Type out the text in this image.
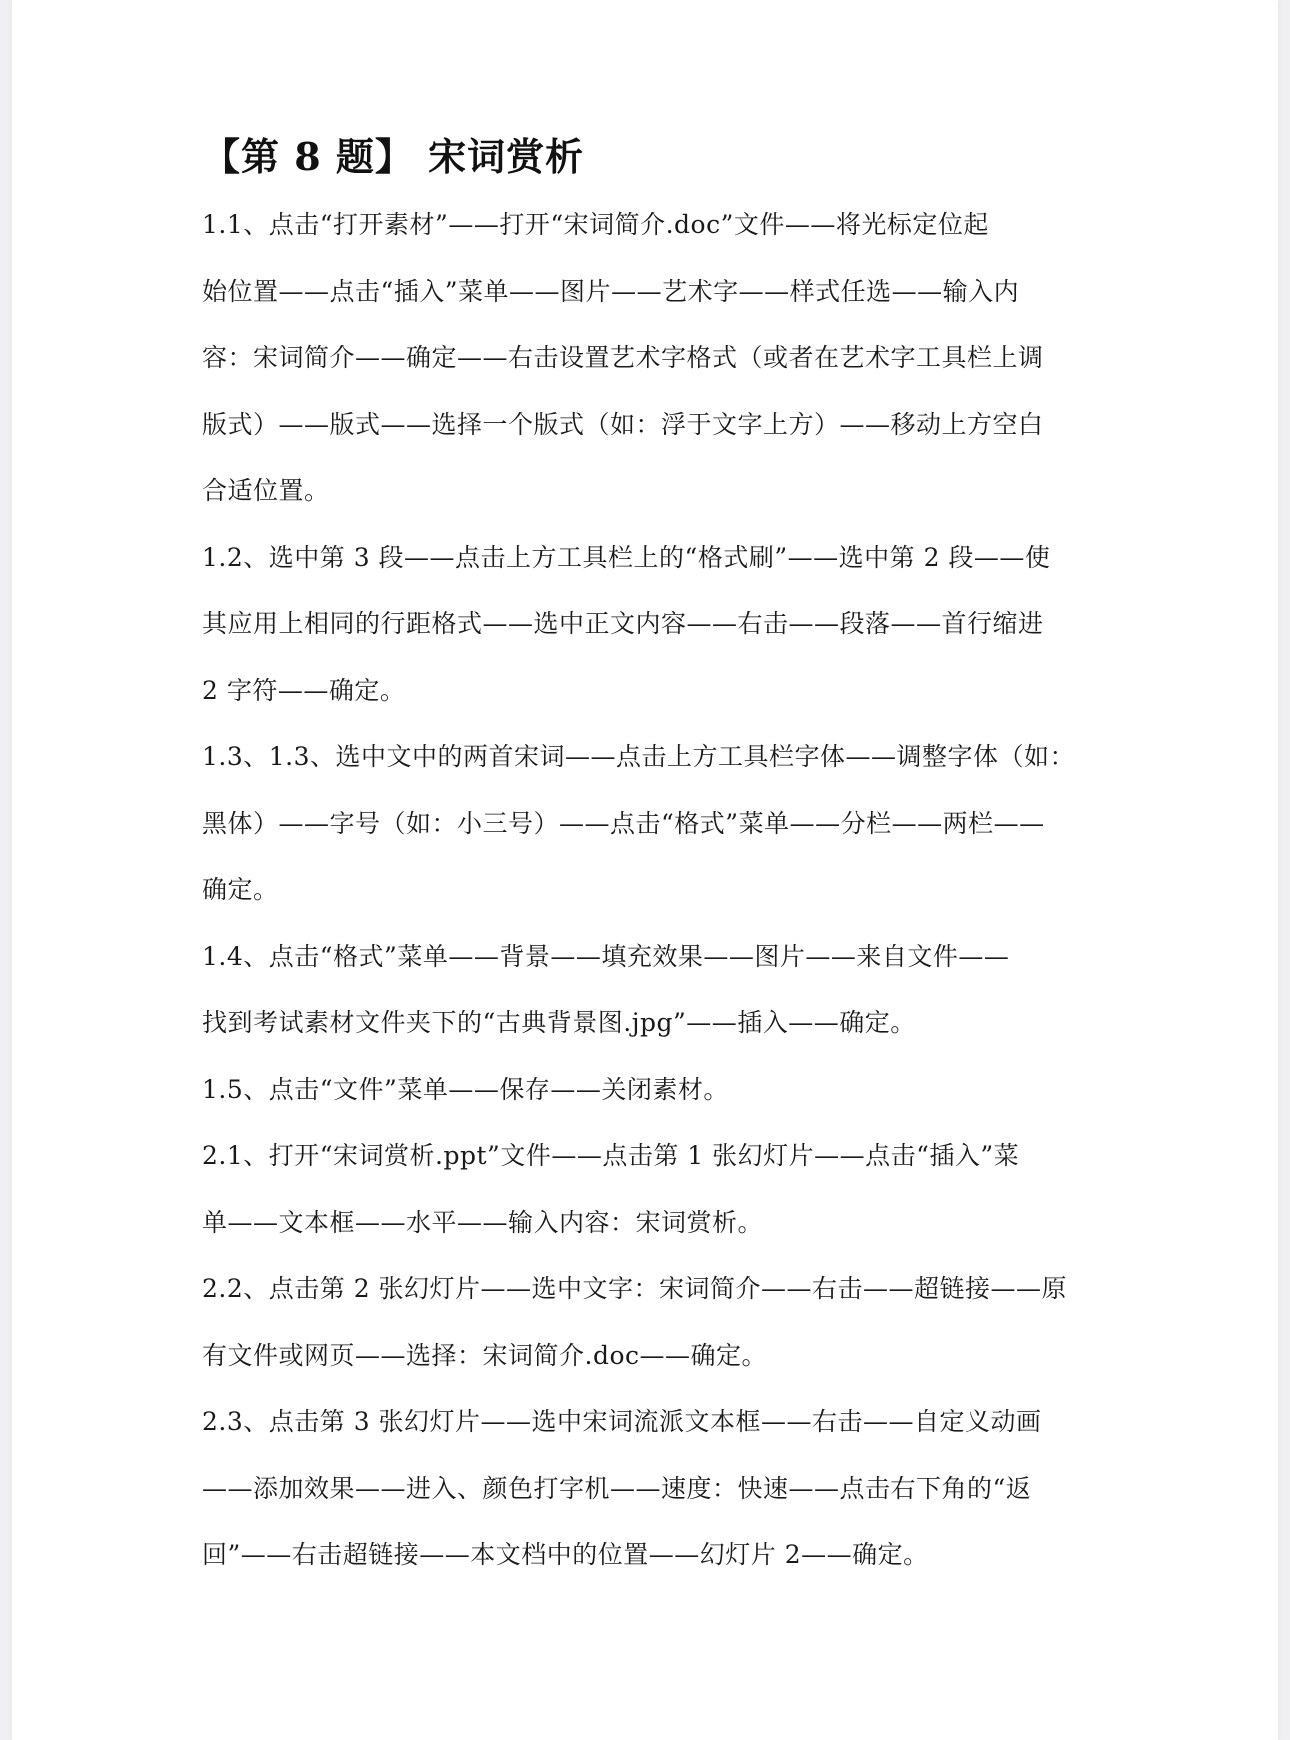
【第 8 题】 宋词赏析

1.1、点击“打开素材”——打开“宋词简介.doc”文件——将光标定位起
始位置——点击“插入”菜单——图片——艺术字——样式任选——输入内
容：宋词简介——确定——右击设置艺术字格式（或者在艺术字工具栏上调
版式）——版式——选择一个版式（如：浮于文字上方）——移动上方空白
合适位置。

1.2、选中第 3 段——点击上方工具栏上的“格式刷”——选中第 2 段——使
其应用上相同的行距格式——选中正文内容——右击——段落——首行缩进
2 字符——确定。

1.3、1.3、选中文中的两首宋词——点击上方工具栏字体——调整字体（如：
黑体）——字号（如：小三号）——点击“格式”菜单——分栏——两栏——
确定。

1.4、点击“格式”菜单——背景——填充效果——图片——来自文件——
找到考试素材文件夹下的“古典背景图.jpg”——插入——确定。

1.5、点击“文件”菜单——保存——关闭素材。

2.1、打开“宋词赏析.ppt”文件——点击第 1 张幻灯片——点击“插入”菜
单——文本框——水平——输入内容：宋词赏析。

2.2、点击第 2 张幻灯片——选中文字：宋词简介——右击——超链接——原
有文件或网页——选择：宋词简介.doc——确定。

2.3、点击第 3 张幻灯片——选中宋词流派文本框——右击——自定义动画
——添加效果——进入、颜色打字机——速度：快速——点击右下角的“返
回”——右击超链接——本文档中的位置——幻灯片 2——确定。
